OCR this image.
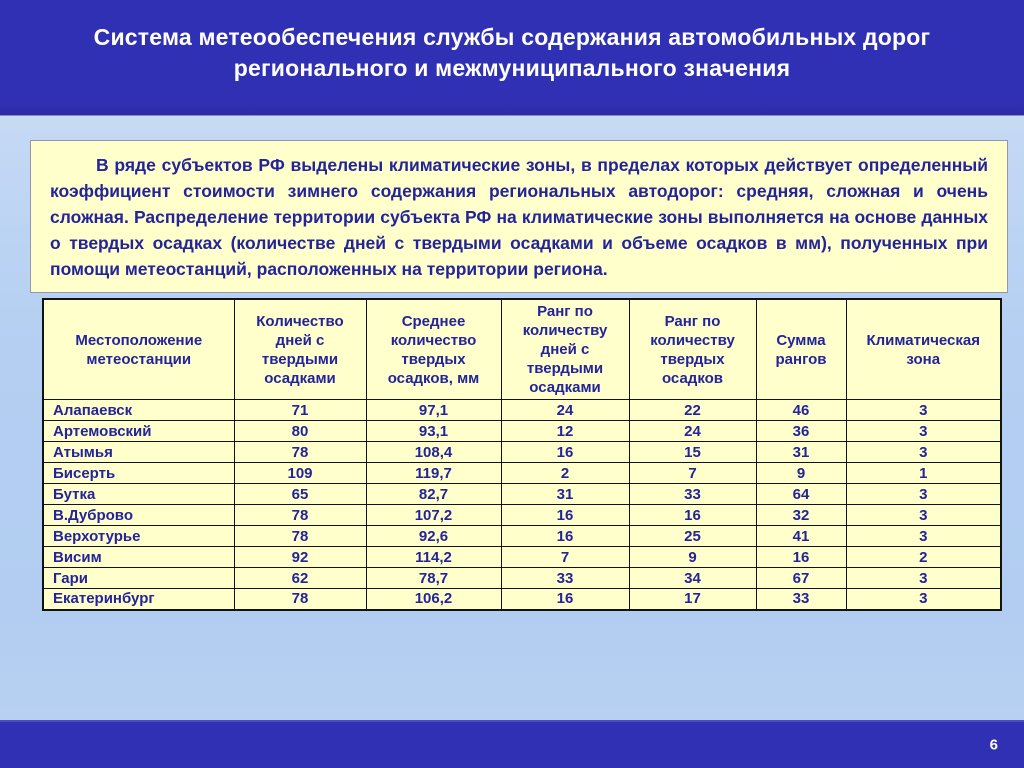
Система метеообеспечения службы содержания автомобильных дорог
регионального и межмуниципального значения

В ряде субъектов РФ выделены климатические зоны, в пределах которых действует определенный коэффициент стоимости зимнего содержания региональных автодорог: средняя, сложная и очень сложная. Распределение территории субъекта РФ на климатические зоны выполняется на основе данных о твердых осадках (количестве дней с твердыми осадками и объеме осадков в мм), полученных при помощи метеостанций, расположенных на территории региона.

Местоположение метеостанции	Количество дней с твердыми осадками	Среднее количество твердых осадков, мм	Ранг по количеству дней с твердыми осадками	Ранг по количеству твердых осадков	Сумма рангов	Климатическая зона
Алапаевск	71	97,1	24	22	46	3
Артемовский	80	93,1	12	24	36	3
Атымья	78	108,4	16	15	31	3
Бисерть	109	119,7	2	7	9	1
Бутка	65	82,7	31	33	64	3
В.Дуброво	78	107,2	16	16	32	3
Верхотурье	78	92,6	16	25	41	3
Висим	92	114,2	7	9	16	2
Гари	62	78,7	33	34	67	3
Екатеринбург	78	106,2	16	17	33	3
6
